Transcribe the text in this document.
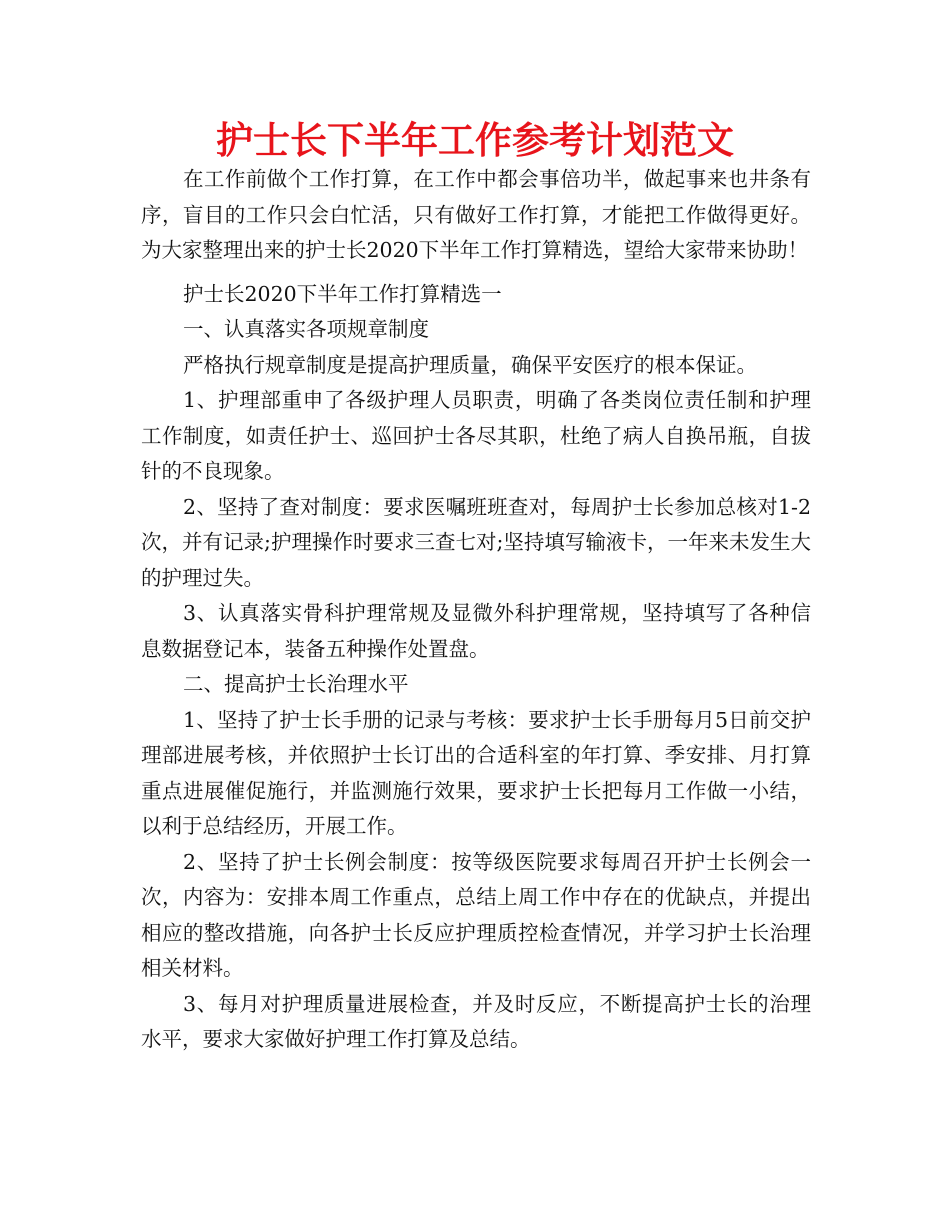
护士长下半年工作参考计划范文

在工作前做个工作打算，在工作中都会事倍功半，做起事来也井条有序，盲目的工作只会白忙活，只有做好工作打算，才能把工作做得更好。为大家整理出来的护士长2020下半年工作打算精选，望给大家带来协助！

护士长2020下半年工作打算精选一

一、认真落实各项规章制度

严格执行规章制度是提高护理质量，确保平安医疗的根本保证。

1、护理部重申了各级护理人员职责，明确了各类岗位责任制和护理工作制度，如责任护士、巡回护士各尽其职，杜绝了病人自换吊瓶，自拔针的不良现象。

2、坚持了查对制度：要求医嘱班班查对，每周护士长参加总核对1-2次，并有记录;护理操作时要求三查七对;坚持填写输液卡，一年来未发生大的护理过失。

3、认真落实骨科护理常规及显微外科护理常规，坚持填写了各种信息数据登记本，装备五种操作处置盘。

二、提高护士长治理水平

1、坚持了护士长手册的记录与考核：要求护士长手册每月5日前交护理部进展考核，并依照护士长订出的合适科室的年打算、季安排、月打算重点进展催促施行，并监测施行效果，要求护士长把每月工作做一小结，以利于总结经历，开展工作。

2、坚持了护士长例会制度：按等级医院要求每周召开护士长例会一次，内容为：安排本周工作重点，总结上周工作中存在的优缺点，并提出相应的整改措施，向各护士长反应护理质控检查情况，并学习护士长治理相关材料。

3、每月对护理质量进展检查，并及时反应，不断提高护士长的治理水平，要求大家做好护理工作打算及总结。
